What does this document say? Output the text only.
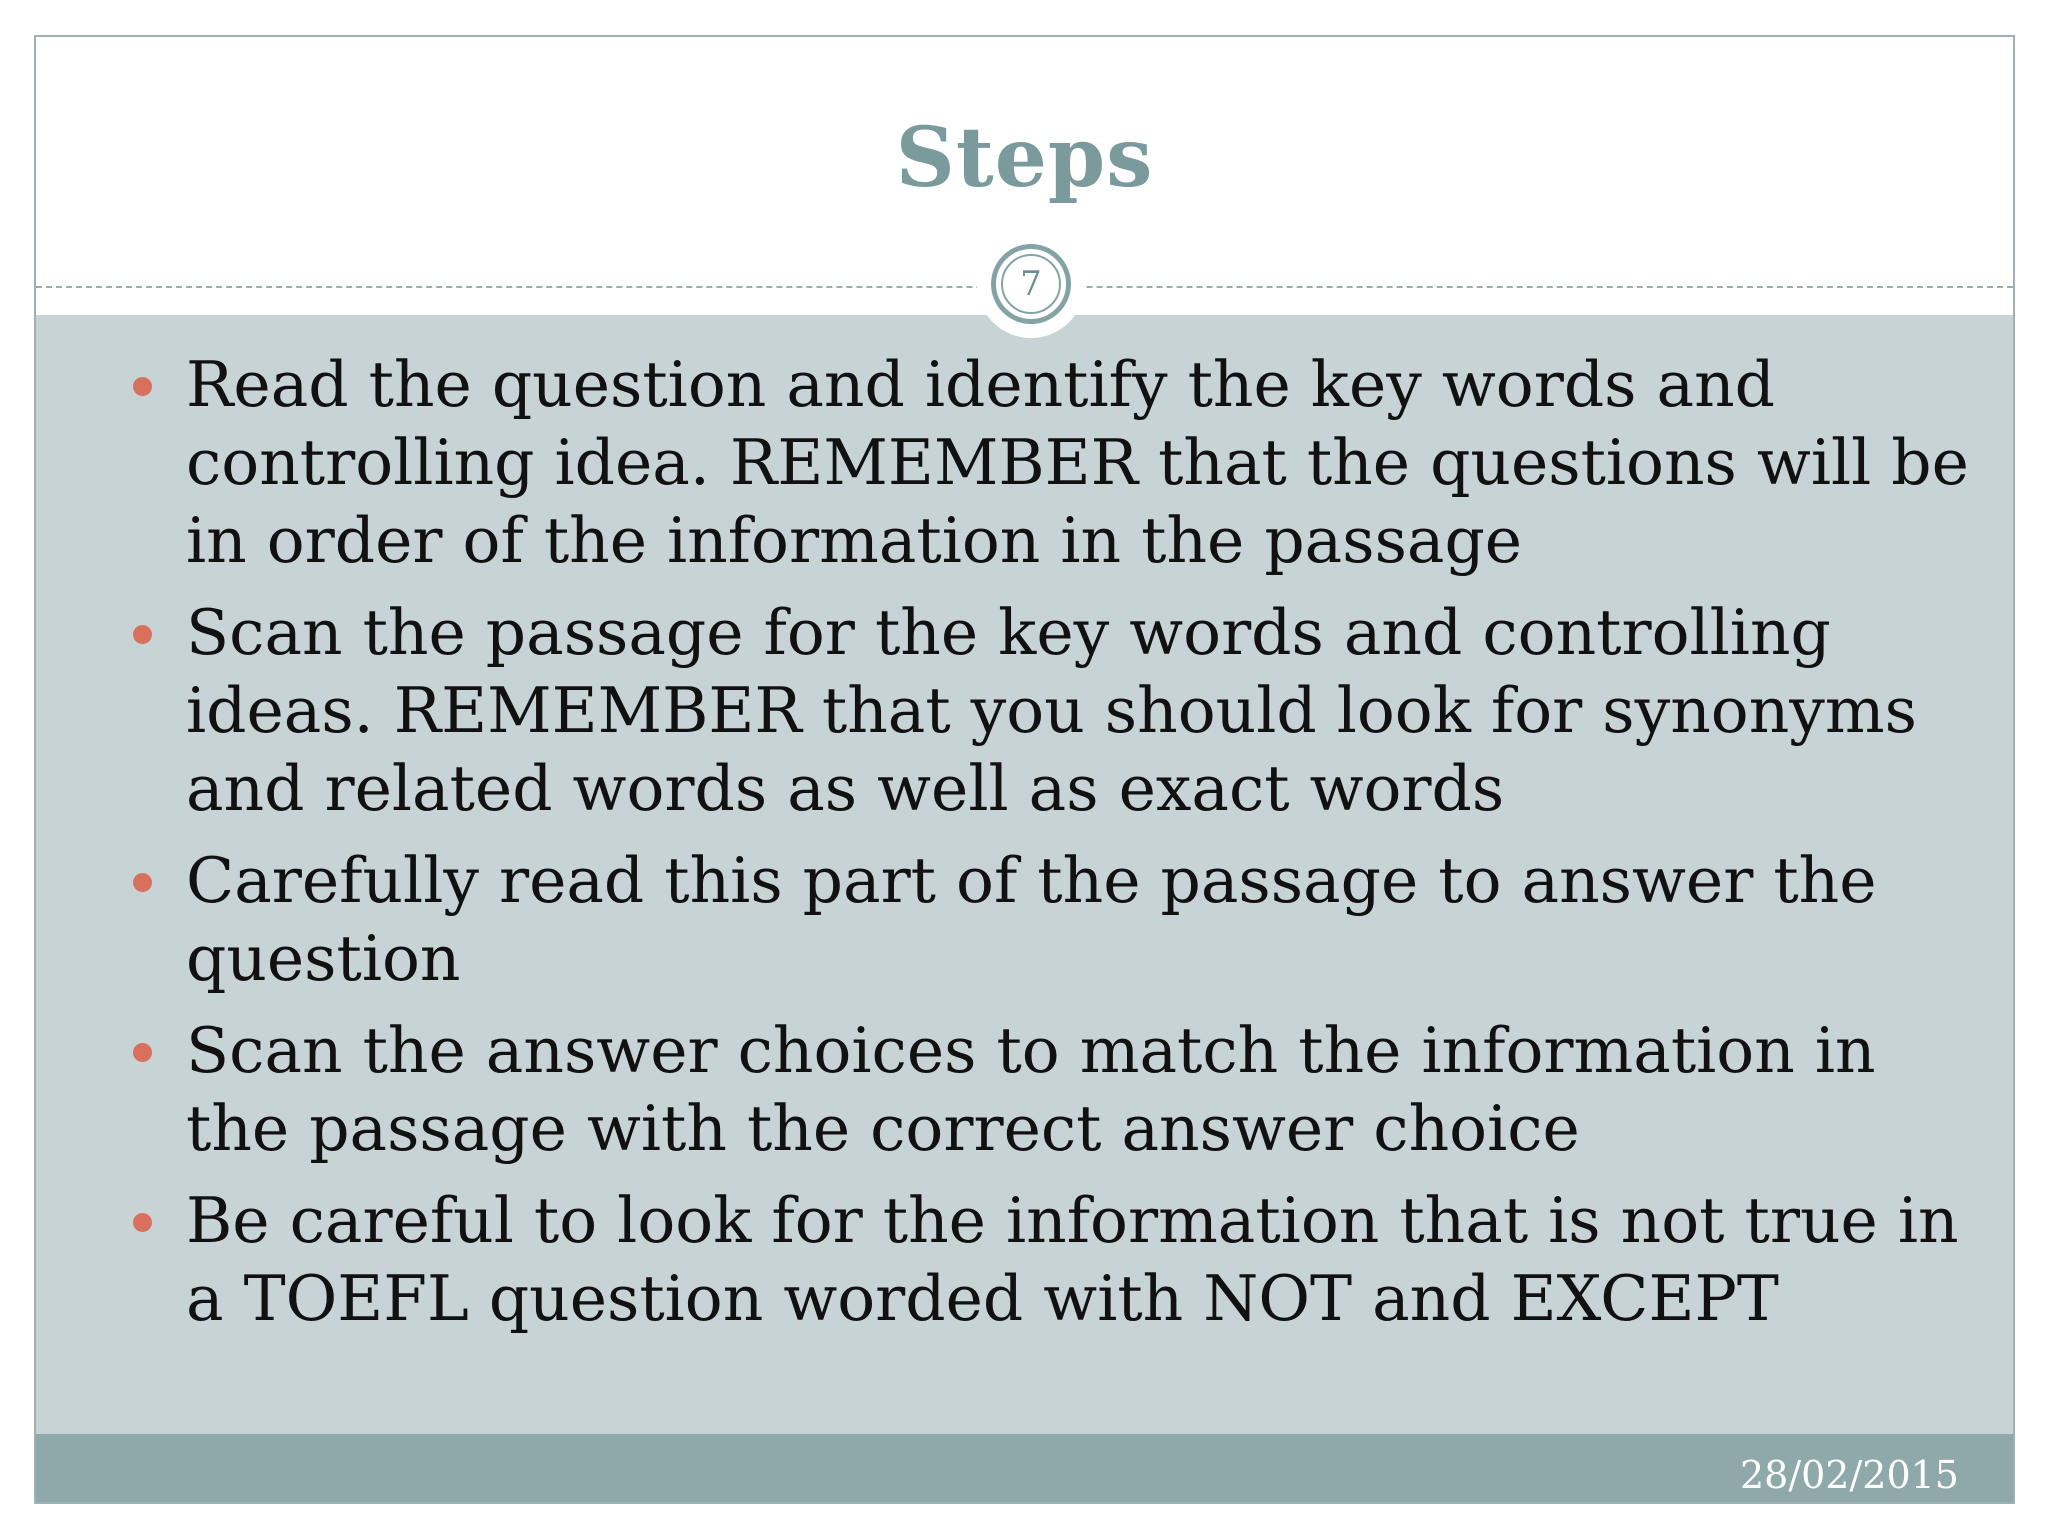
Steps
7
Read the question and identify the key words and controlling idea. REMEMBER that the questions will be in order of the information in the passage
Scan the passage for the key words and controlling ideas. REMEMBER that you should look for synonyms and related words as well as exact words
Carefully read this part of the passage to answer the question
Scan the answer choices to match the information in the passage with the correct answer choice
Be careful to look for the information that is not true in a TOEFL question worded with NOT and EXCEPT
28/02/2015
